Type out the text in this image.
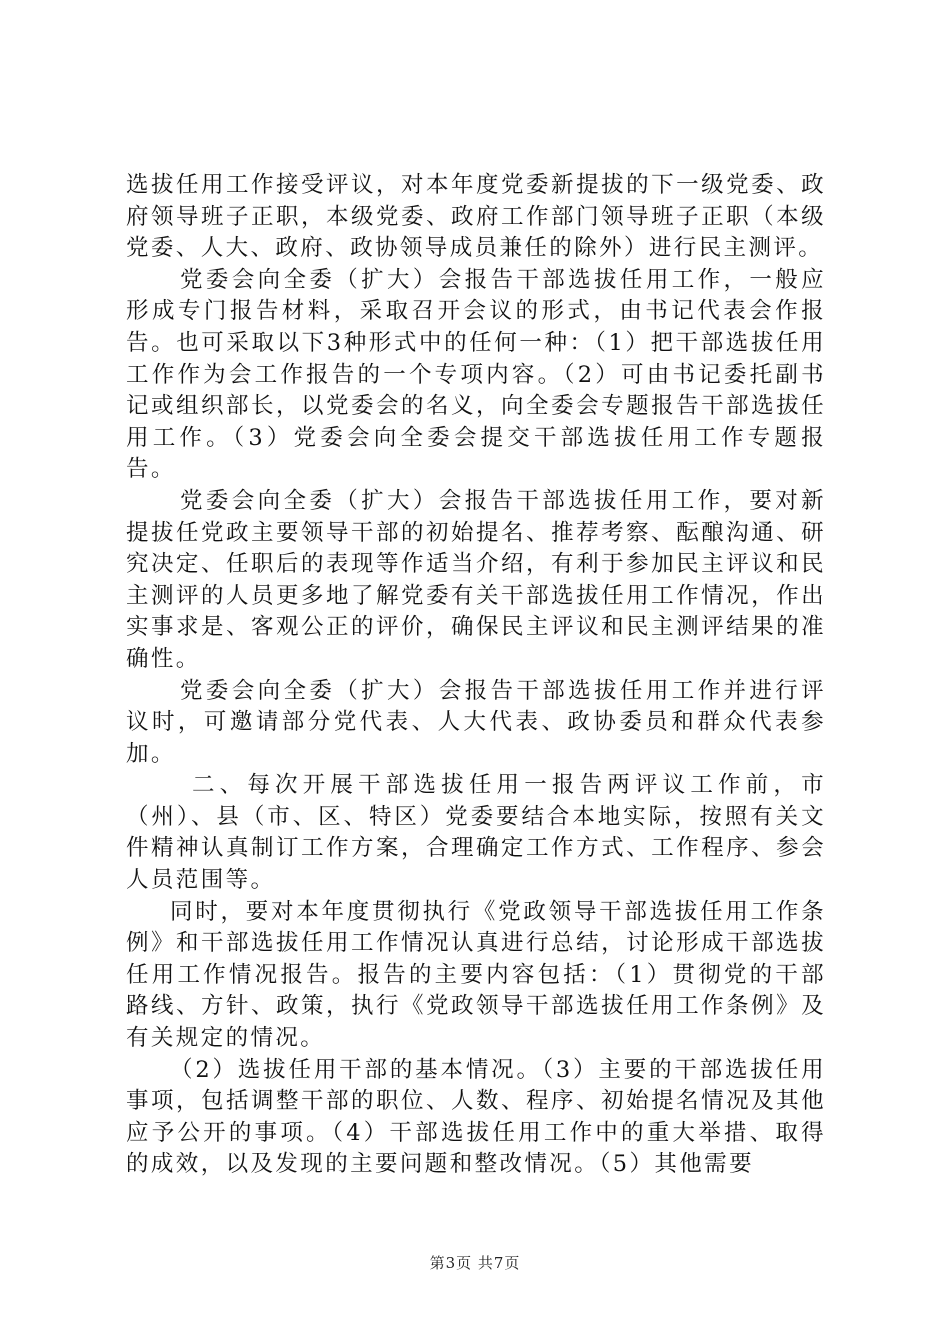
选拔任用工作接受评议，对本年度党委新提拔的下一级党委、政府领导班子正职，本级党委、政府工作部门领导班子正职（本级党委、人大、政府、政协领导成员兼任的除外）进行民主测评。

党委会向全委（扩大）会报告干部选拔任用工作，一般应形成专门报告材料，采取召开会议的形式，由书记代表会作报告。也可采取以下3种形式中的任何一种：（1）把干部选拔任用工作作为会工作报告的一个专项内容。（2）可由书记委托副书记或组织部长，以党委会的名义，向全委会专题报告干部选拔任用工作。（3）党委会向全委会提交干部选拔任用工作专题报告。

党委会向全委（扩大）会报告干部选拔任用工作，要对新提拔任党政主要领导干部的初始提名、推荐考察、酝酿沟通、研究决定、任职后的表现等作适当介绍，有利于参加民主评议和民主测评的人员更多地了解党委有关干部选拔任用工作情况，作出实事求是、客观公正的评价，确保民主评议和民主测评结果的准确性。

党委会向全委（扩大）会报告干部选拔任用工作并进行评议时，可邀请部分党代表、人大代表、政协委员和群众代表参加。

二、每次开展干部选拔任用一报告两评议工作前，市（州）、县（市、区、特区）党委要结合本地实际，按照有关文件精神认真制订工作方案，合理确定工作方式、工作程序、参会人员范围等。

同时，要对本年度贯彻执行《党政领导干部选拔任用工作条例》和干部选拔任用工作情况认真进行总结，讨论形成干部选拔任用工作情况报告。报告的主要内容包括：（1）贯彻党的干部路线、方针、政策，执行《党政领导干部选拔任用工作条例》及有关规定的情况。

（2）选拔任用干部的基本情况。（3）主要的干部选拔任用事项，包括调整干部的职位、人数、程序、初始提名情况及其他应予公开的事项。（4）干部选拔任用工作中的重大举措、取得的成效，以及发现的主要问题和整改情况。（5）其他需要

第3页 共7页
